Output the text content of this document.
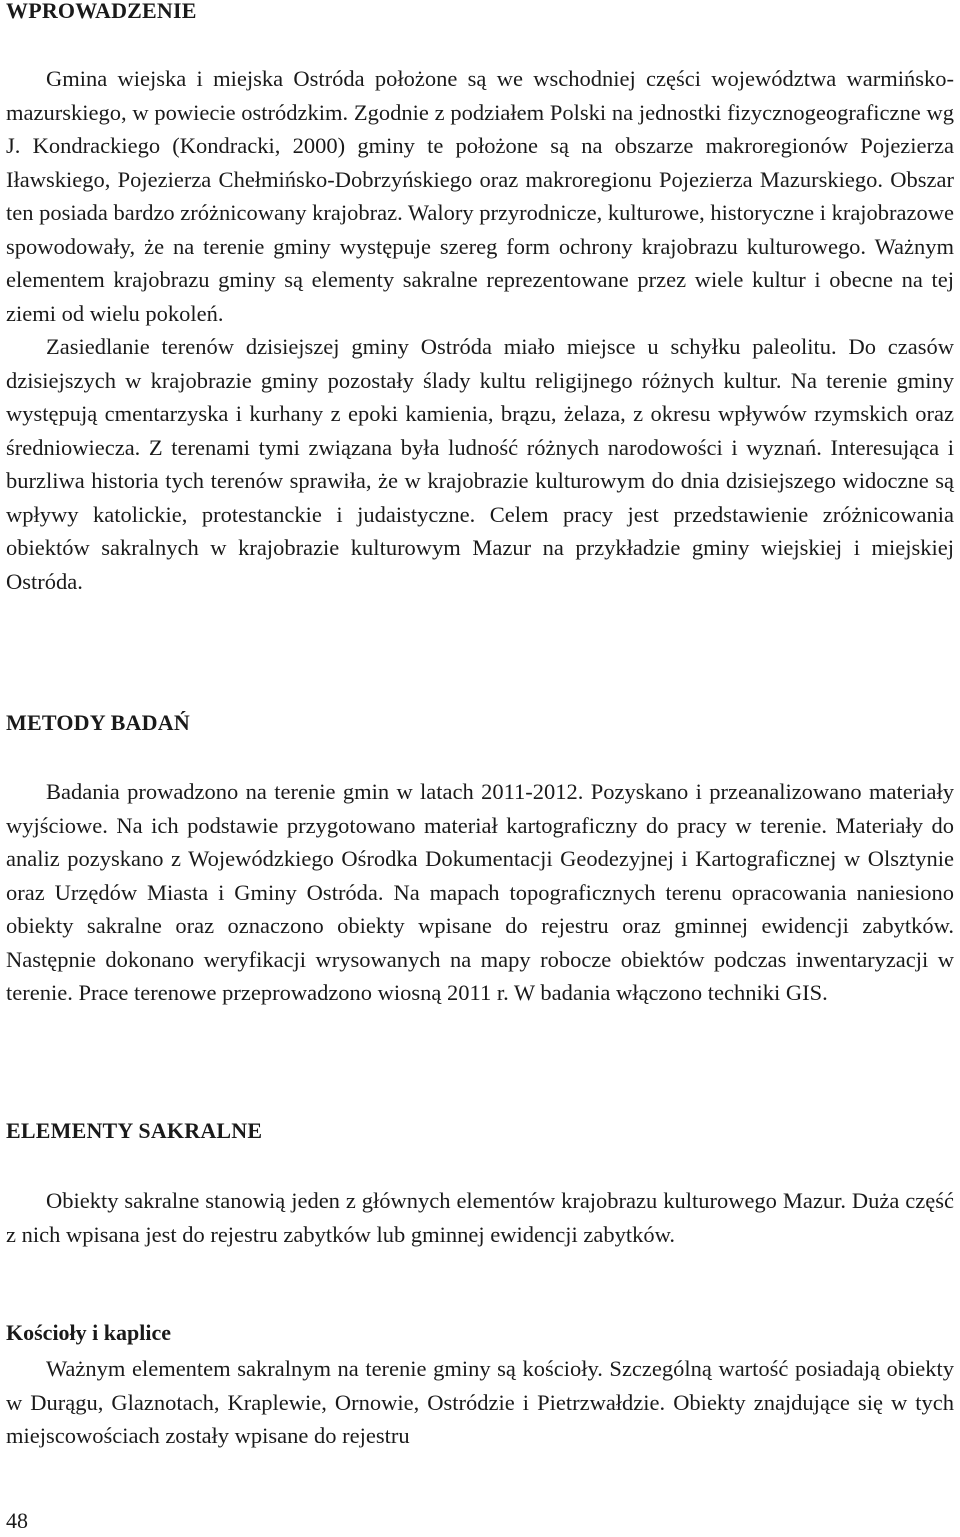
WPROWADZENIE

Gmina wiejska i miejska Ostróda położone są we wschodniej części województwa warmińsko-mazurskiego, w powiecie ostródzkim. Zgodnie z podziałem Polski na jednostki fizycznogeograficzne wg J. Kondrackiego (Kondracki, 2000) gminy te położone są na obszarze makroregionów Pojezierza Iławskiego, Pojezierza Chełmińsko-Dobrzyńskiego oraz makroregionu Pojezierza Mazurskiego. Obszar ten posiada bardzo zróżnicowany krajobraz. Walory przyrodnicze, kulturowe, historyczne i krajobrazowe spowodowały, że na terenie gminy występuje szereg form ochrony krajobrazu kulturowego. Ważnym elementem krajobrazu gminy są elementy sakralne reprezentowane przez wiele kultur i obecne na tej ziemi od wielu pokoleń.

Zasiedlanie terenów dzisiejszej gminy Ostróda miało miejsce u schyłku paleolitu. Do czasów dzisiejszych w krajobrazie gminy pozostały ślady kultu religijnego różnych kultur. Na terenie gminy występują cmentarzyska i kurhany z epoki kamienia, brązu, żelaza, z okresu wpływów rzymskich oraz średniowiecza. Z terenami tymi związana była ludność różnych narodowości i wyznań. Interesująca i burzliwa historia tych terenów sprawiła, że w krajobrazie kulturowym do dnia dzisiejszego widoczne są wpływy katolickie, protestanckie i judaistyczne. Celem pracy jest przedstawienie zróżnicowania obiektów sakralnych w krajobrazie kulturowym Mazur na przykładzie gminy wiejskiej i miejskiej Ostróda.

METODY BADAŃ

Badania prowadzono na terenie gmin w latach 2011-2012. Pozyskano i przeanalizowano materiały wyjściowe. Na ich podstawie przygotowano materiał kartograficzny do pracy w terenie. Materiały do analiz pozyskano z Wojewódzkiego Ośrodka Dokumentacji Geodezyjnej i Kartograficznej w Olsztynie oraz Urzędów Miasta i Gminy Ostróda. Na mapach topograficznych terenu opracowania naniesiono obiekty sakralne oraz oznaczono obiekty wpisane do rejestru oraz gminnej ewidencji zabytków. Następnie dokonano weryfikacji wrysowanych na mapy robocze obiektów podczas inwentaryzacji w terenie. Prace terenowe przeprowadzono wiosną 2011 r. W badania włączono techniki GIS.

ELEMENTY SAKRALNE

Obiekty sakralne stanowią jeden z głównych elementów krajobrazu kulturowego Mazur. Duża część z nich wpisana jest do rejestru zabytków lub gminnej ewidencji zabytków.

Kościoły i kaplice

Ważnym elementem sakralnym na terenie gminy są kościoły. Szczególną wartość posiadają obiekty w Durągu, Glaznotach, Kraplewie, Ornowie, Ostródzie i Pietrzwałdzie. Obiekty znajdujące się w tych miejscowościach zostały wpisane do rejestru

48
